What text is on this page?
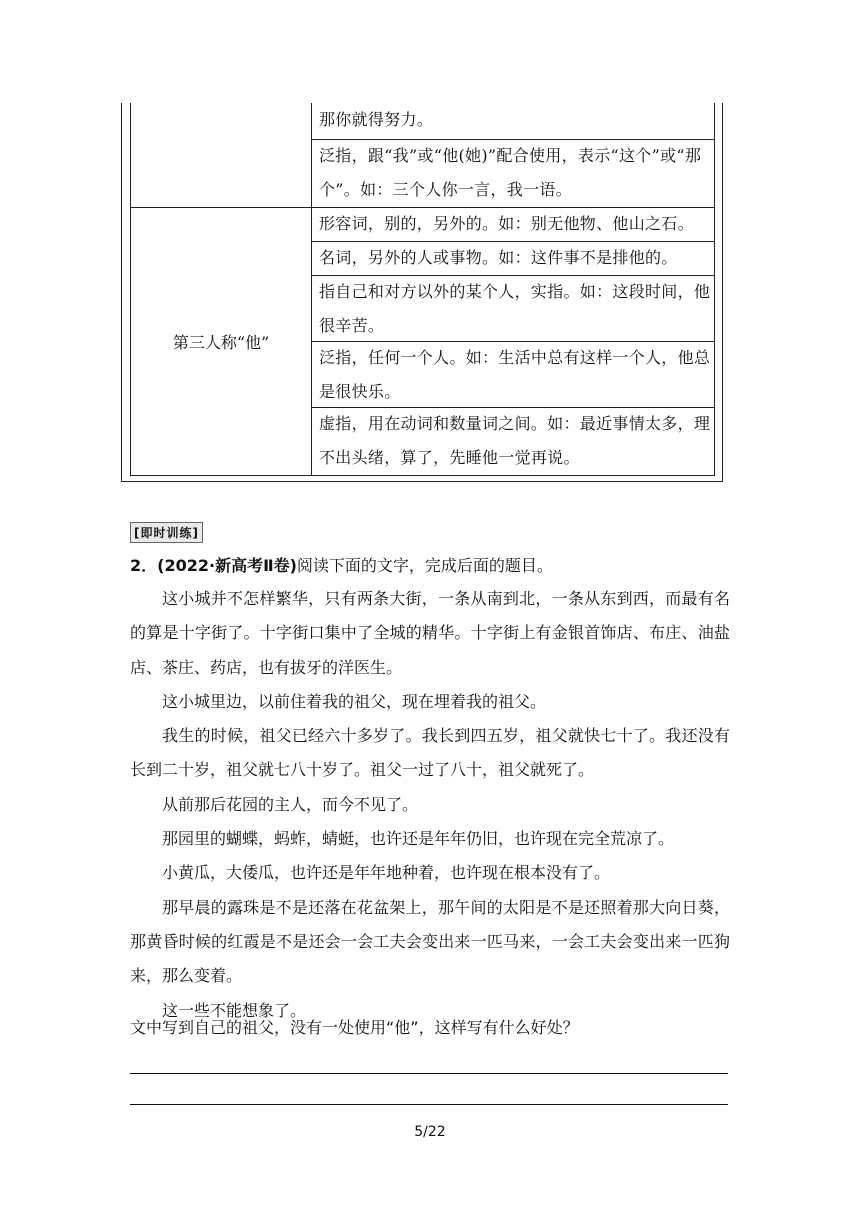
那你就得努力。
泛指，跟“我”或“他(她)”配合使用，表示“这个”或“那个”。如：三个人你一言，我一语。
第三人称“他”
形容词，别的，另外的。如：别无他物、他山之石。
名词，另外的人或事物。如：这件事不是排他的。
指自己和对方以外的某个人，实指。如：这段时间，他很辛苦。
泛指，任何一个人。如：生活中总有这样一个人，他总是很快乐。
虚指，用在动词和数量词之间。如：最近事情太多，理不出头绪，算了，先睡他一觉再说。
[即时训练]
2．(2022·新高考Ⅱ卷)阅读下面的文字，完成后面的题目。

这小城并不怎样繁华，只有两条大街，一条从南到北，一条从东到西，而最有名的算是十字街了。十字街口集中了全城的精华。十字街上有金银首饰店、布庄、油盐店、茶庄、药店，也有拔牙的洋医生。

这小城里边，以前住着我的祖父，现在埋着我的祖父。

我生的时候，祖父已经六十多岁了。我长到四五岁，祖父就快七十了。我还没有长到二十岁，祖父就七八十岁了。祖父一过了八十，祖父就死了。

从前那后花园的主人，而今不见了。

那园里的蝴蝶，蚂蚱，蜻蜓，也许还是年年仍旧，也许现在完全荒凉了。

小黄瓜，大倭瓜，也许还是年年地种着，也许现在根本没有了。

那早晨的露珠是不是还落在花盆架上，那午间的太阳是不是还照着那大向日葵，那黄昏时候的红霞是不是还会一会工夫会变出来一匹马来，一会工夫会变出来一匹狗来，那么变着。

这一些不能想象了。

文中写到自己的祖父，没有一处使用“他”，这样写有什么好处？
5/22
